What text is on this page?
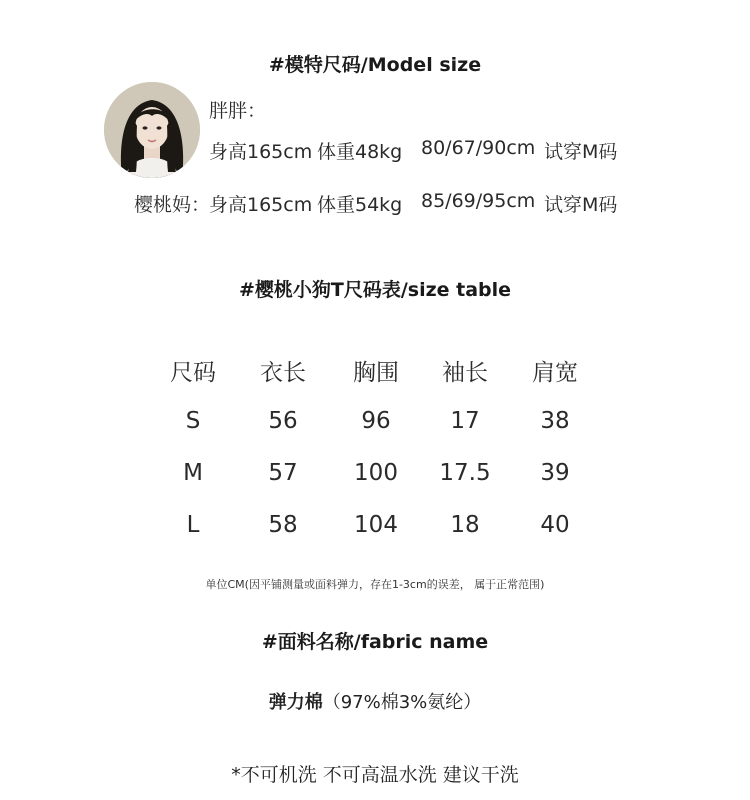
#模特尺码/Model size
胖胖：
身高165cm 体重48kg 80/67/90cm 试穿M码
樱桃妈：
身高165cm 体重54kg 85/69/95cm 试穿M码
#樱桃小狗T尺码表/size table
尺码	衣长	胸围	袖长	肩宽
S	56	96	17	38
M	57	100	17.5	39
L	58	104	18	40
单位CM(因平铺测量或面料弹力，存在1-3cm的误差， 属于正常范围)
#面料名称/fabric name
弹力棉（97%棉3%氨纶）
*不可机洗 不可高温水洗 建议干洗
